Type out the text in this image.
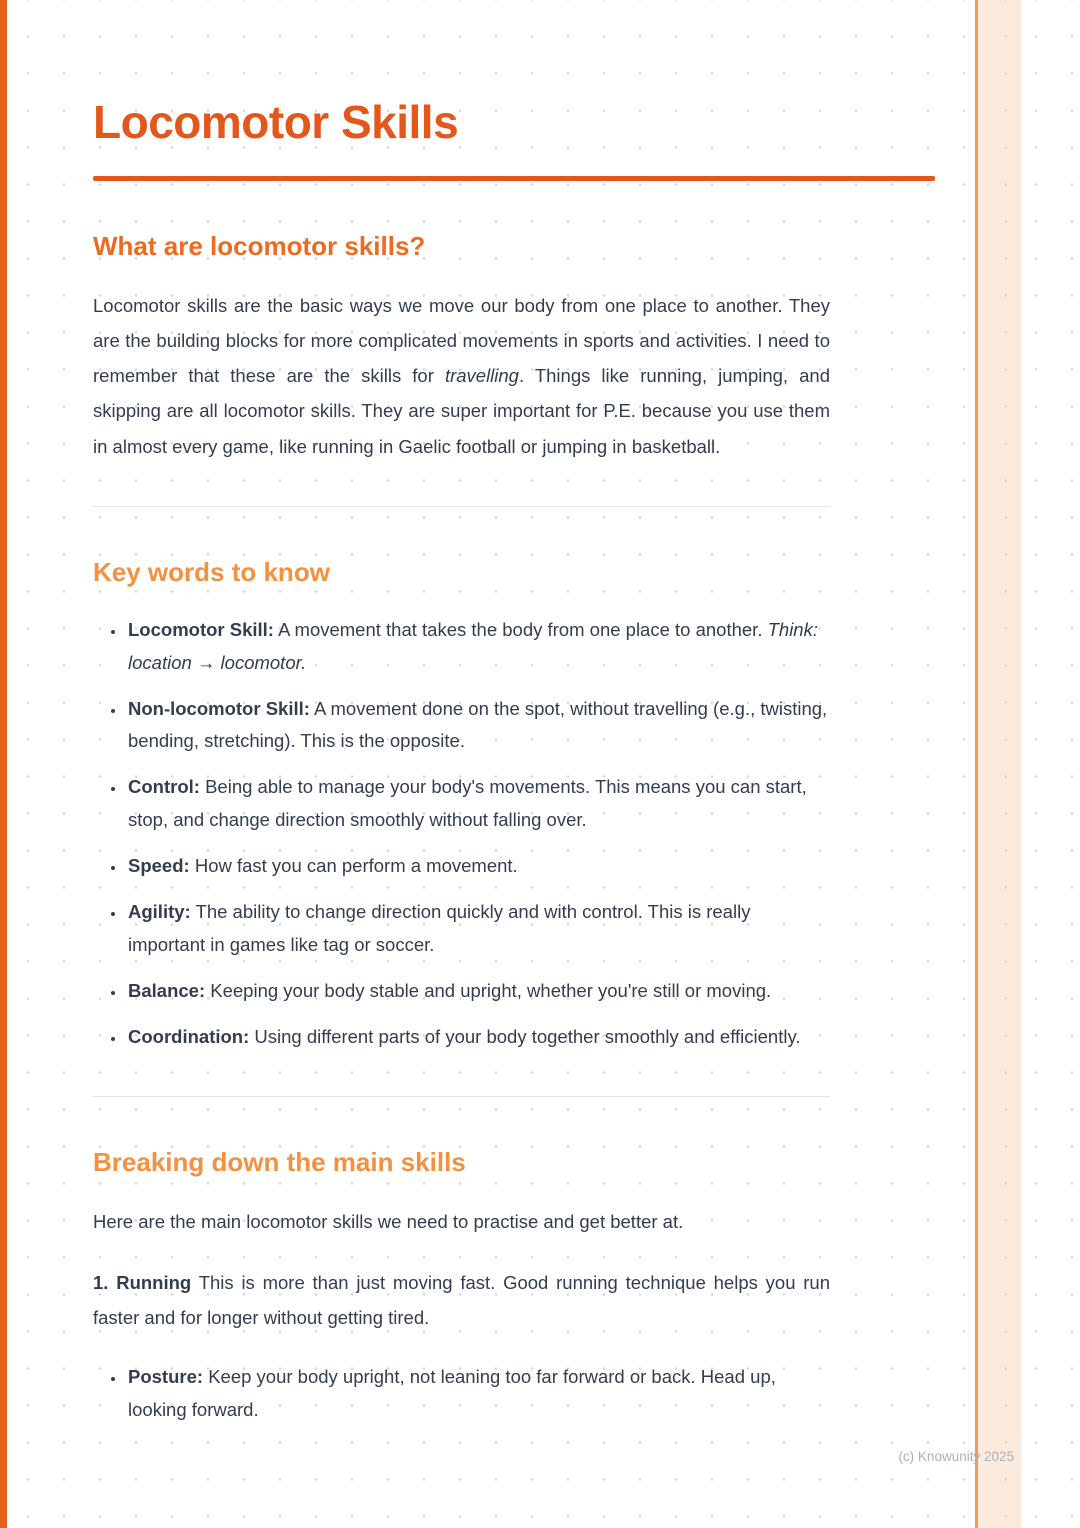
Locomotor Skills
What are locomotor skills?

Locomotor skills are the basic ways we move our body from one place to another. They are the building blocks for more complicated movements in sports and activities. I need to remember that these are the skills for travelling. Things like running, jumping, and skipping are all locomotor skills. They are super important for P.E. because you use them in almost every game, like running in Gaelic football or jumping in basketball.

Key words to know
• Locomotor Skill: A movement that takes the body from one place to another. Think: location → locomotor.
• Non-locomotor Skill: A movement done on the spot, without travelling (e.g., twisting, bending, stretching). This is the opposite.
• Control: Being able to manage your body's movements. This means you can start, stop, and change direction smoothly without falling over.
• Speed: How fast you can perform a movement.
• Agility: The ability to change direction quickly and with control. This is really important in games like tag or soccer.
• Balance: Keeping your body stable and upright, whether you're still or moving.
• Coordination: Using different parts of your body together smoothly and efficiently.
Breaking down the main skills

Here are the main locomotor skills we need to practise and get better at.

1. Running This is more than just moving fast. Good running technique helps you run faster and for longer without getting tired.

• Posture: Keep your body upright, not leaning too far forward or back. Head up, looking forward.
(c) Knowunity 2025
